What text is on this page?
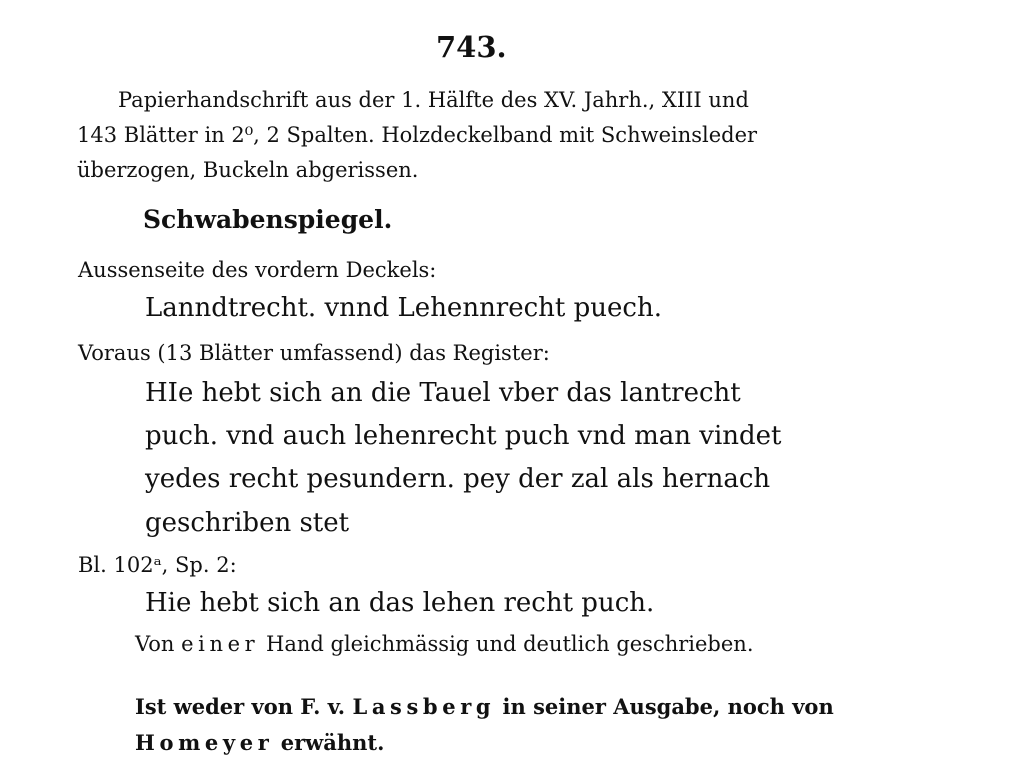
743.

Papierhandschrift aus der 1. Hälfte des XV. Jahrh., XIII und

143 Blätter in 2⁰, 2 Spalten. Holzdeckelband mit Schweinsleder

überzogen, Buckeln abgerissen.

Schwabenspiegel.

Aussenseite des vordern Deckels:

Lanndtrecht. vnnd Lehennrecht puech.

Voraus (13 Blätter umfassend) das Register:

HIe hebt sich an die Tauel vber das lantrecht

puch. vnd auch lehenrecht puch vnd man vindet

yedes recht pesundern. pey der zal als hernach

geschriben stet

Bl. 102ᵃ, Sp. 2:

Hie hebt sich an das lehen recht puch.

Von einer Hand gleichmässig und deutlich geschrieben.

Ist weder von F. v. Lassberg in seiner Ausgabe, noch von

Homeyer erwähnt.
